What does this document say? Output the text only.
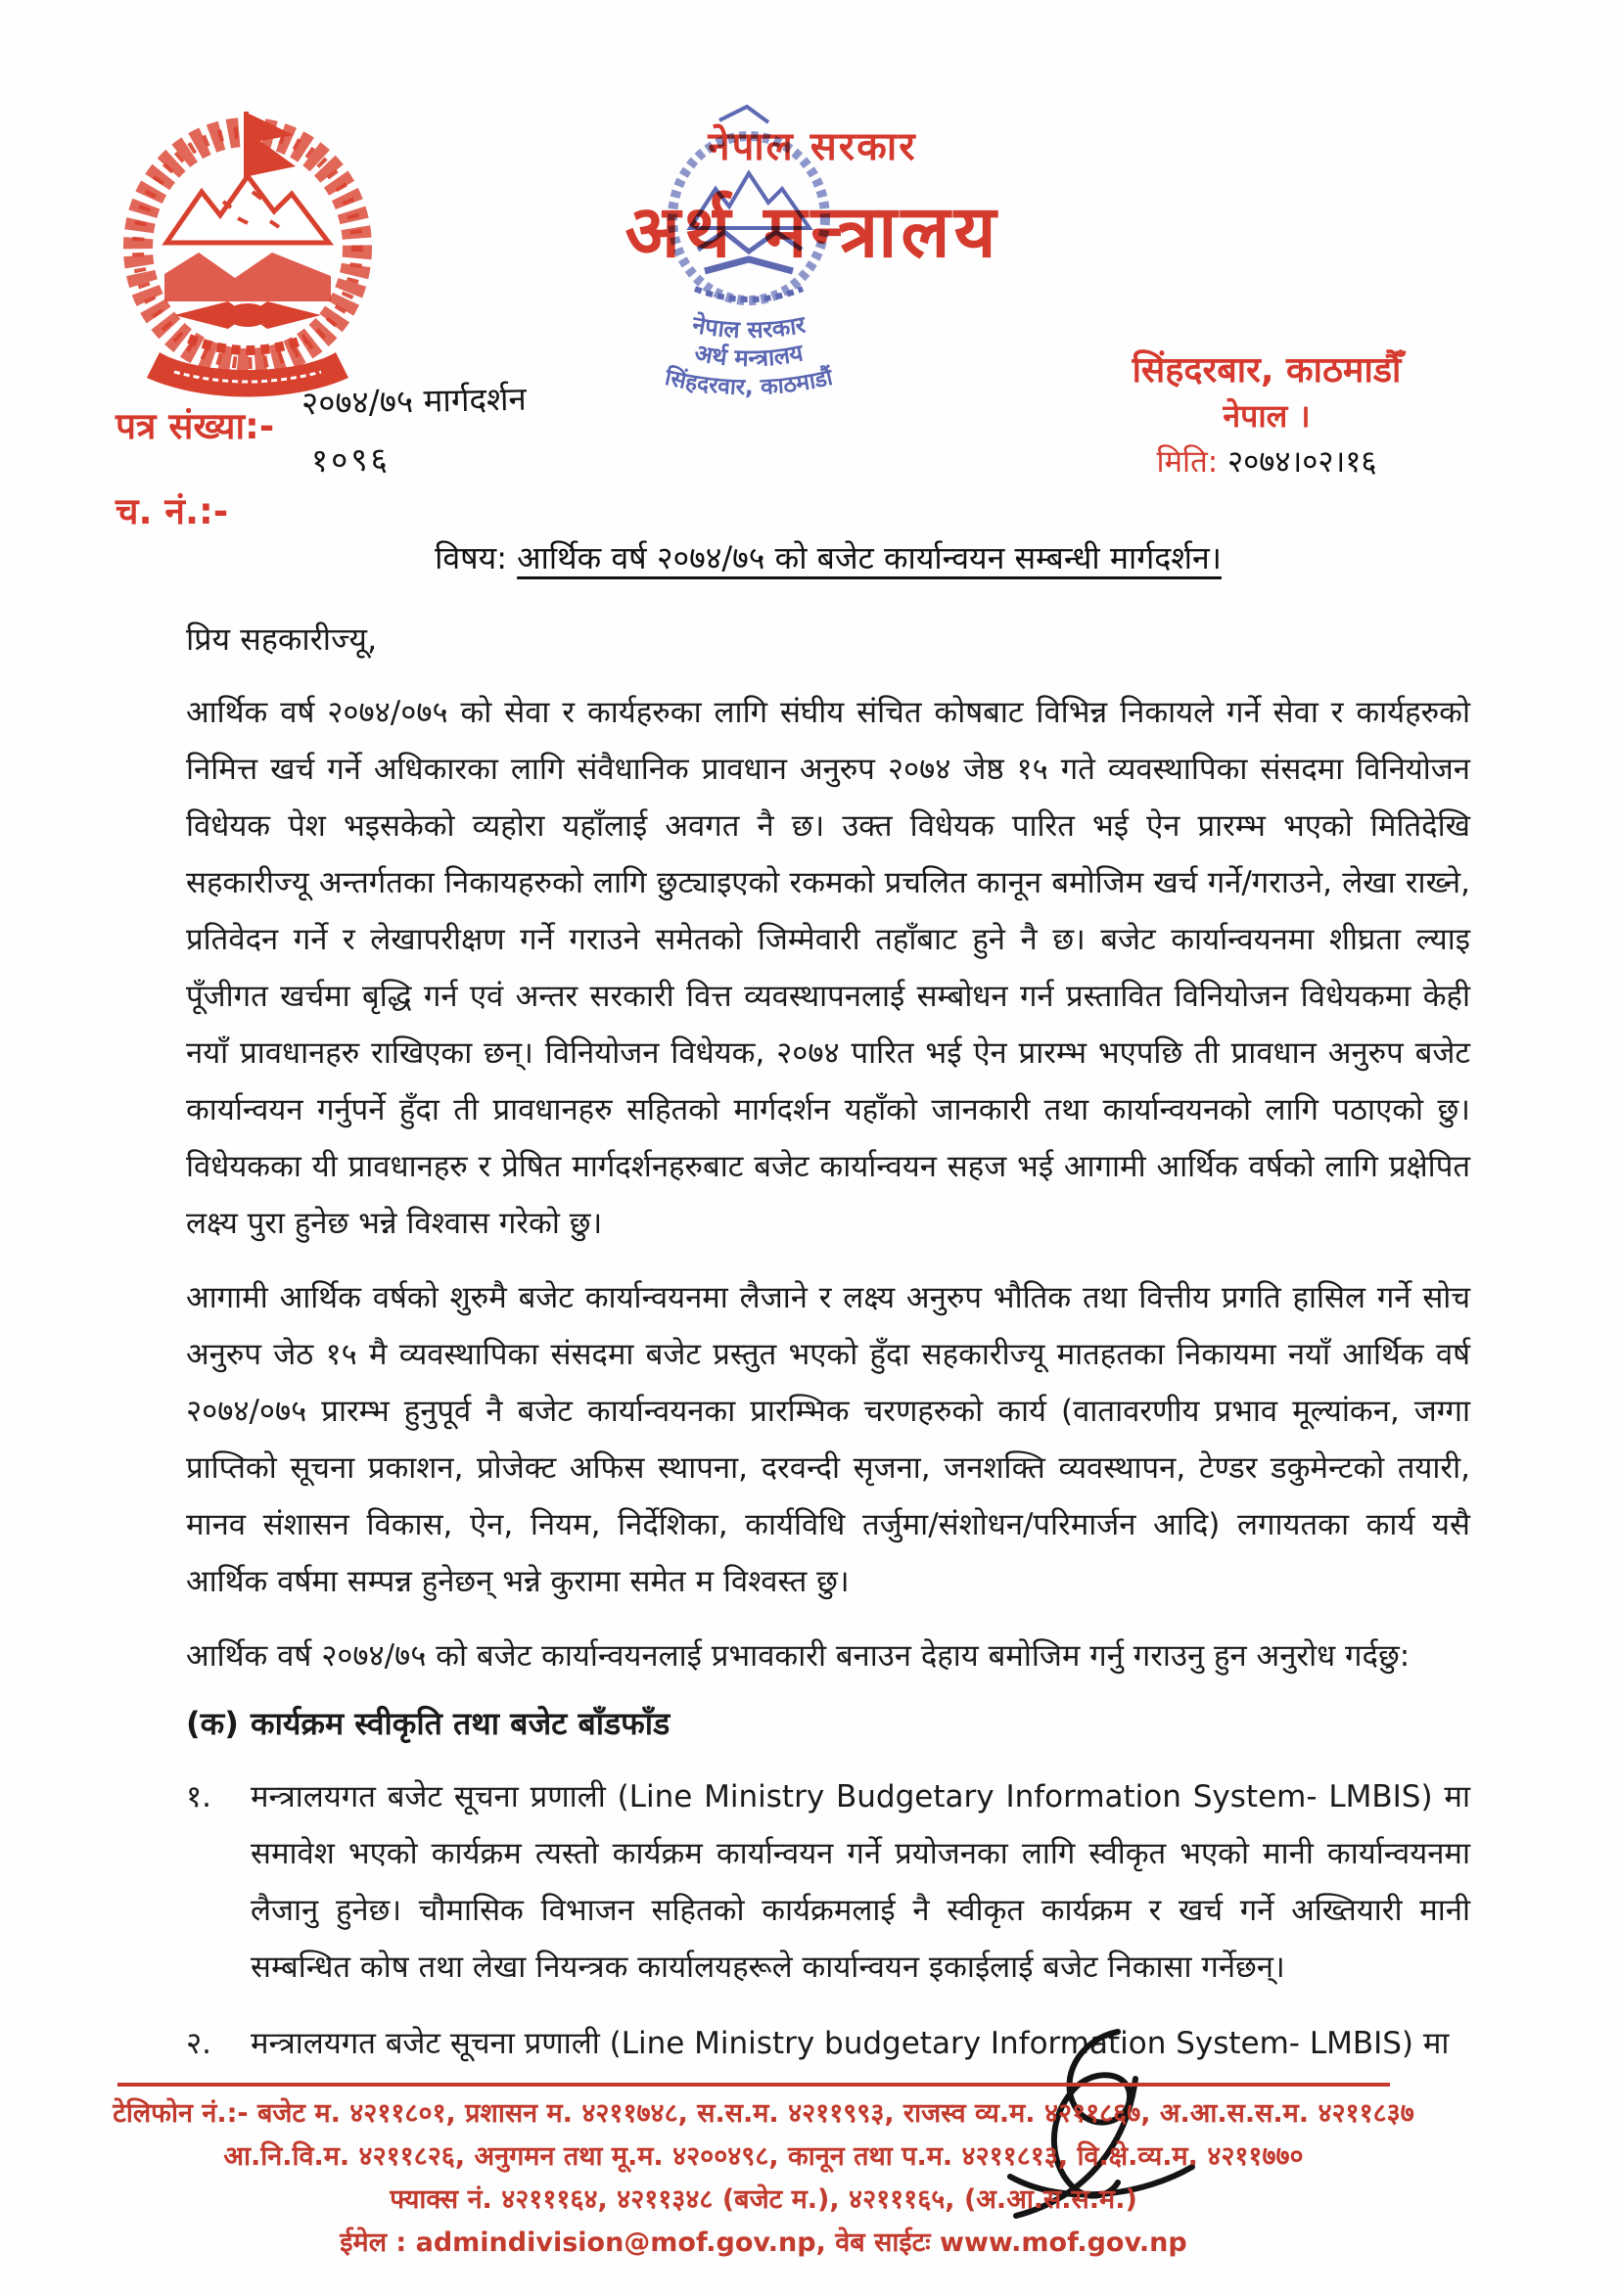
नेपाल सरकार
अर्थ मन्त्रालय
नेपाल सरकार
अर्थ मन्त्रालय
सिंहदरवार, काठमाडौं	सिंहदरबार, काठमाडौँ
नेपाल ।
मिति: २०७४।०२।१६
पत्र संख्या:-
२०७४/७५ मार्गदर्शन
१०९६
च. नं.:-
विषय: आर्थिक वर्ष २०७४/७५ को बजेट कार्यान्वयन सम्बन्धी मार्गदर्शन।

प्रिय सहकारीज्यू,

आर्थिक वर्ष २०७४/०७५ को सेवा र कार्यहरुका लागि संघीय संचित कोषबाट विभिन्न निकायले गर्ने सेवा र कार्यहरुको निमित्त खर्च गर्ने अधिकारका लागि संवैधानिक प्रावधान अनुरुप २०७४ जेष्ठ १५ गते व्यवस्थापिका संसदमा विनियोजन विधेयक पेश भइसकेको व्यहोरा यहाँलाई अवगत नै छ। उक्त विधेयक पारित भई ऐन प्रारम्भ भएको मितिदेखि सहकारीज्यू अन्तर्गतका निकायहरुको लागि छुट्याइएको रकमको प्रचलित कानून बमोजिम खर्च गर्ने/गराउने, लेखा राख्ने, प्रतिवेदन गर्ने र लेखापरीक्षण गर्ने गराउने समेतको जिम्मेवारी तहाँबाट हुने नै छ। बजेट कार्यान्वयनमा शीघ्रता ल्याइ पूँजीगत खर्चमा बृद्धि गर्न एवं अन्तर सरकारी वित्त व्यवस्थापनलाई सम्बोधन गर्न प्रस्तावित विनियोजन विधेयकमा केही नयाँ प्रावधानहरु राखिएका छन्। विनियोजन विधेयक, २०७४ पारित भई ऐन प्रारम्भ भएपछि ती प्रावधान अनुरुप बजेट कार्यान्वयन गर्नुपर्ने हुँदा ती प्रावधानहरु सहितको मार्गदर्शन यहाँको जानकारी तथा कार्यान्वयनको लागि पठाएको छु। विधेयकका यी प्रावधानहरु र प्रेषित मार्गदर्शनहरुबाट बजेट कार्यान्वयन सहज भई आगामी आर्थिक वर्षको लागि प्रक्षेपित लक्ष्य पुरा हुनेछ भन्ने विश्वास गरेको छु।

आगामी आर्थिक वर्षको शुरुमै बजेट कार्यान्वयनमा लैजाने र लक्ष्य अनुरुप भौतिक तथा वित्तीय प्रगति हासिल गर्ने सोच अनुरुप जेठ १५ मै व्यवस्थापिका संसदमा बजेट प्रस्तुत भएको हुँदा सहकारीज्यू मातहतका निकायमा नयाँ आर्थिक वर्ष २०७४/०७५ प्रारम्भ हुनुपूर्व नै बजेट कार्यान्वयनका प्रारम्भिक चरणहरुको कार्य (वातावरणीय प्रभाव मूल्यांकन, जग्गा प्राप्तिको सूचना प्रकाशन, प्रोजेक्ट अफिस स्थापना, दरवन्दी सृजना, जनशक्ति व्यवस्थापन, टेण्डर डकुमेन्टको तयारी, मानव संशासन विकास, ऐन, नियम, निर्देशिका, कार्यविधि तर्जुमा/संशोधन/परिमार्जन आदि) लगायतका कार्य यसै आर्थिक वर्षमा सम्पन्न हुनेछन् भन्ने कुरामा समेत म विश्वस्त छु।

आर्थिक वर्ष २०७४/७५ को बजेट कार्यान्वयनलाई प्रभावकारी बनाउन देहाय बमोजिम गर्नु गराउनु हुन अनुरोध गर्दछु:

(क) कार्यक्रम स्वीकृति तथा बजेट बाँडफाँड
१.	मन्त्रालयगत बजेट सूचना प्रणाली (Line Ministry Budgetary Information System- LMBIS) मा समावेश भएको कार्यक्रम त्यस्तो कार्यक्रम कार्यान्वयन गर्ने प्रयोजनका लागि स्वीकृत भएको मानी कार्यान्वयनमा लैजानु हुनेछ। चौमासिक विभाजन सहितको कार्यक्रमलाई नै स्वीकृत कार्यक्रम र खर्च गर्ने अख्तियारी मानी सम्बन्धित कोष तथा लेखा नियन्त्रक कार्यालयहरूले कार्यान्वयन इकाईलाई बजेट निकासा गर्नेछन्।
२.	मन्त्रालयगत बजेट सूचना प्रणाली (Line Ministry budgetary Information System- LMBIS) मा
टेलिफोन नं.:- बजेट म. ४२११८०१, प्रशासन म. ४२११७४८, स.स.म. ४२११९९३, राजस्व व्य.म. ४२११८६७, अ.आ.स.स.म. ४२११८३७
आ.नि.वि.म. ४२११८२६, अनुगमन तथा मू.म. ४२००४९८, कानून तथा प.म. ४२११८१३, वि.क्षे.व्य.म. ४२११७७०
फ्याक्स नं. ४२१११६४, ४२११३४८ (बजेट म.), ४२१११६५, (अ.आ.स.स.म.)
ईमेल : admindivision@mof.gov.np, वेब साईटः www.mof.gov.np
